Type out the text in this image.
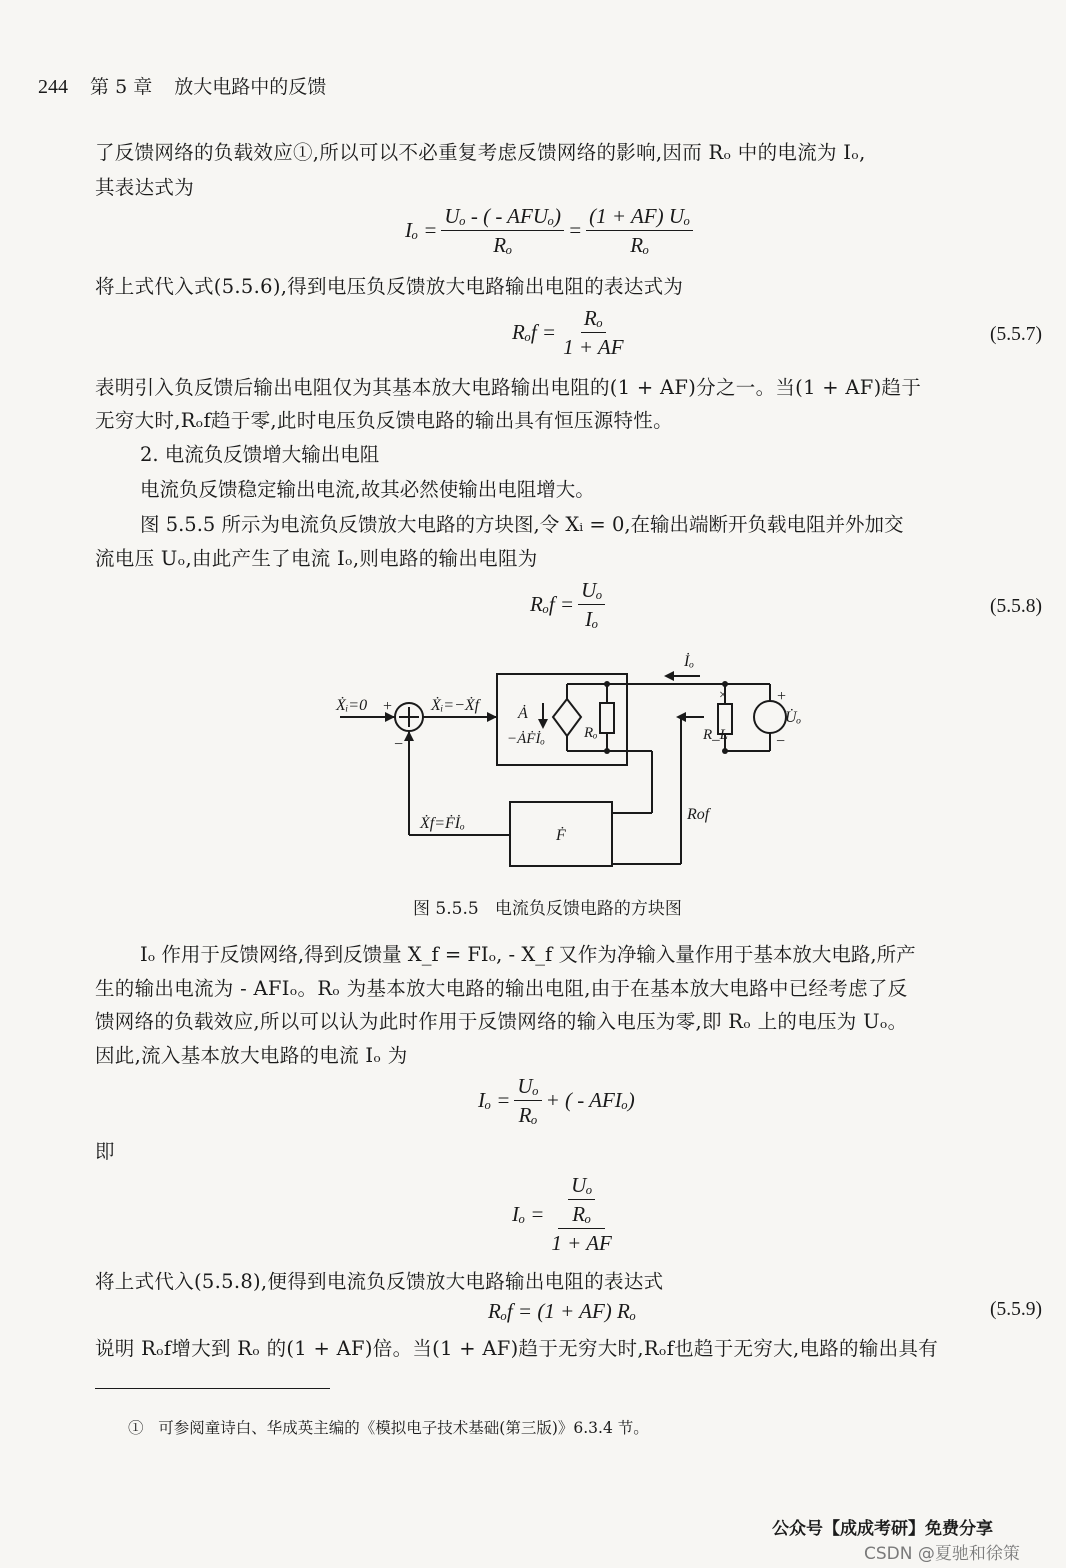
244 第 5 章 放大电路中的反馈
了反馈网络的负载效应①,所以可以不必重复考虑反馈网络的影响,因而 Rₒ 中的电流为 Iₒ,
其表达式为
$I_o = \frac{\text{Uₒ - ( - AFUₒ)}}{\text{Rₒ}} = \frac{\text{(1 + AF) Uₒ}}{\text{Rₒ}}$
将上式代入式(5.5.6),得到电压负反馈放大电路输出电阻的表达式为
$R_of = \frac{\text{Rₒ}}{1 + AF}$	(5.5.7)
表明引入负反馈后输出电阻仅为其基本放大电路输出电阻的(1 + AF)分之一。当(1 + AF)趋于
无穷大时,Rₒf趋于零,此时电压负反馈电路的输出具有恒压源特性。
2. 电流负反馈增大输出电阻
电流负反馈稳定输出电流,故其必然使输出电阻增大。
图 5.5.5 所示为电流负反馈放大电路的方块图,令 Xᵢ = 0,在输出端断开负载电阻并外加交
流电压 Uₒ,由此产生了电流 Iₒ,则电路的输出电阻为
$R_of = \frac{\text{Uₒ}}{\text{Iₒ}}$	(5.5.8)
Ẋᵢ=0 +
−
Ẋᵢ=−Ẋf Ȧ
−ȦḞİₒ	Rₒ
İₒ
×
R_L
+
U̇ₒ
−
Rof
Ẋf=Ḟİₒ
Ḟ
图 5.5.5   电流负反馈电路的方块图
Iₒ 作用于反馈网络,得到反馈量 X_f = FIₒ, - X_f 又作为净输入量作用于基本放大电路,所产
生的输出电流为 - AFIₒ。Rₒ 为基本放大电路的输出电阻,由于在基本放大电路中已经考虑了反
馈网络的负载效应,所以可以认为此时作用于反馈网络的输入电压为零,即 Rₒ 上的电压为 Uₒ。
因此,流入基本放大电路的电流 Iₒ 为
$I_o = \frac{\text{Uₒ}}{\text{Rₒ}}$ + ( - AFIₒ)
即
$I_o = \frac{\frac{\text{Uₒ}}{\text{Rₒ}}}{1 + AF}$
将上式代入(5.5.8),便得到电流负反馈放大电路输出电阻的表达式
Rₒf = (1 + AF) Rₒ	(5.5.9)
说明 Rₒf增大到 Rₒ 的(1 + AF)倍。当(1 + AF)趋于无穷大时,Rₒf也趋于无穷大,电路的输出具有
①   可参阅童诗白、华成英主编的《模拟电子技术基础(第三版)》6.3.4 节。
公众号【成成考研】免费分享
CSDN @夏驰和徐策
